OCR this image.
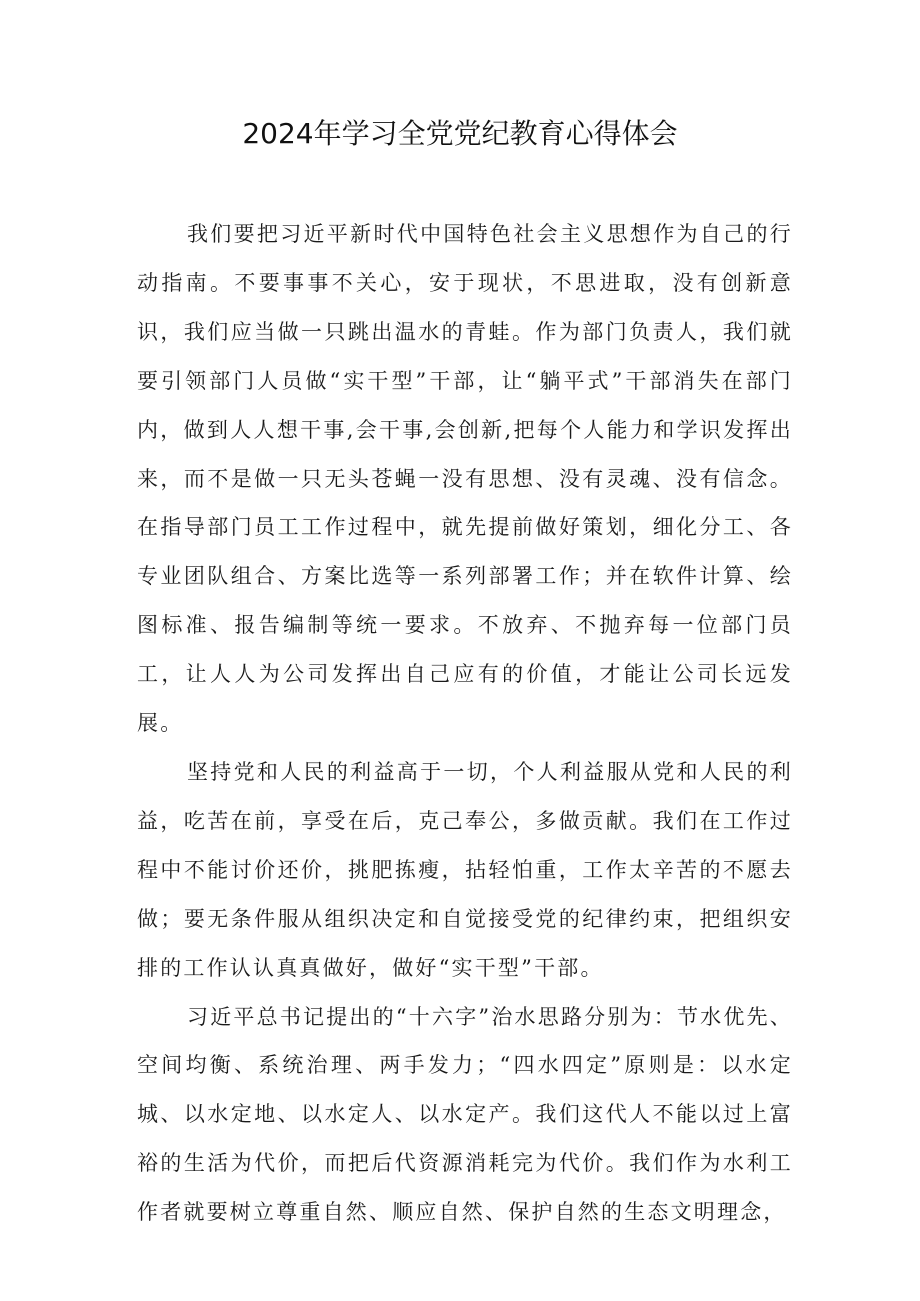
2024年学习全党党纪教育心得体会

我们要把习近平新时代中国特色社会主义思想作为自己的行动指南。不要事事不关心，安于现状，不思进取，没有创新意识，我们应当做一只跳出温水的青蛙。作为部门负责人，我们就要引领部门人员做“实干型”干部，让“躺平式”干部消失在部门内，做到人人想干事,会干事,会创新,把每个人能力和学识发挥出来，而不是做一只无头苍蝇一没有思想、没有灵魂、没有信念。在指导部门员工工作过程中，就先提前做好策划，细化分工、各专业团队组合、方案比选等一系列部署工作；并在软件计算、绘图标准、报告编制等统一要求。不放弃、不抛弃每一位部门员工，让人人为公司发挥出自己应有的价值，才能让公司长远发展。

坚持党和人民的利益高于一切，个人利益服从党和人民的利益，吃苦在前，享受在后，克己奉公，多做贡献。我们在工作过程中不能讨价还价，挑肥拣瘦，拈轻怕重，工作太辛苦的不愿去做；要无条件服从组织决定和自觉接受党的纪律约束，把组织安排的工作认认真真做好，做好“实干型”干部。

习近平总书记提出的“十六字”治水思路分别为：节水优先、空间均衡、系统治理、两手发力；“四水四定”原则是：以水定城、以水定地、以水定人、以水定产。我们这代人不能以过上富裕的生活为代价，而把后代资源消耗完为代价。我们作为水利工作者就要树立尊重自然、顺应自然、保护自然的生态文明理念，
